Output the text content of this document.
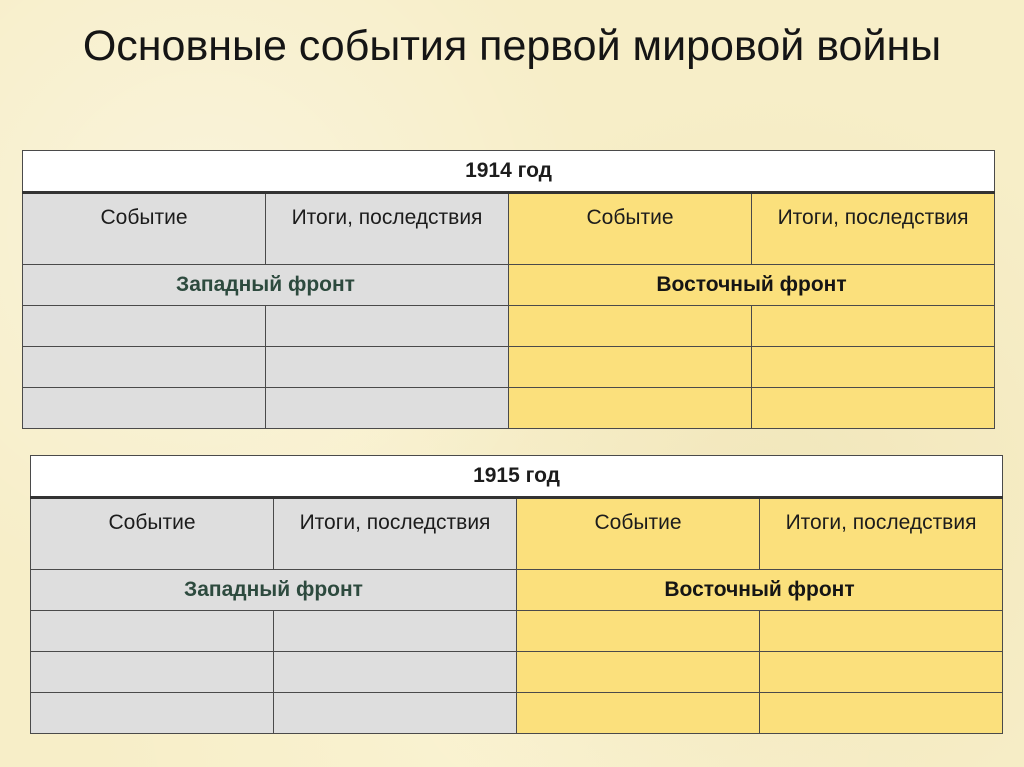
Основные события первой мировой войны
1914 год			
Событие	Итоги, последствия	Событие	Итоги, последствия
Западный фронт		Восточный фронт	

1915 год			
Событие	Итоги, последствия	Событие	Итоги, последствия
Западный фронт		Восточный фронт	
